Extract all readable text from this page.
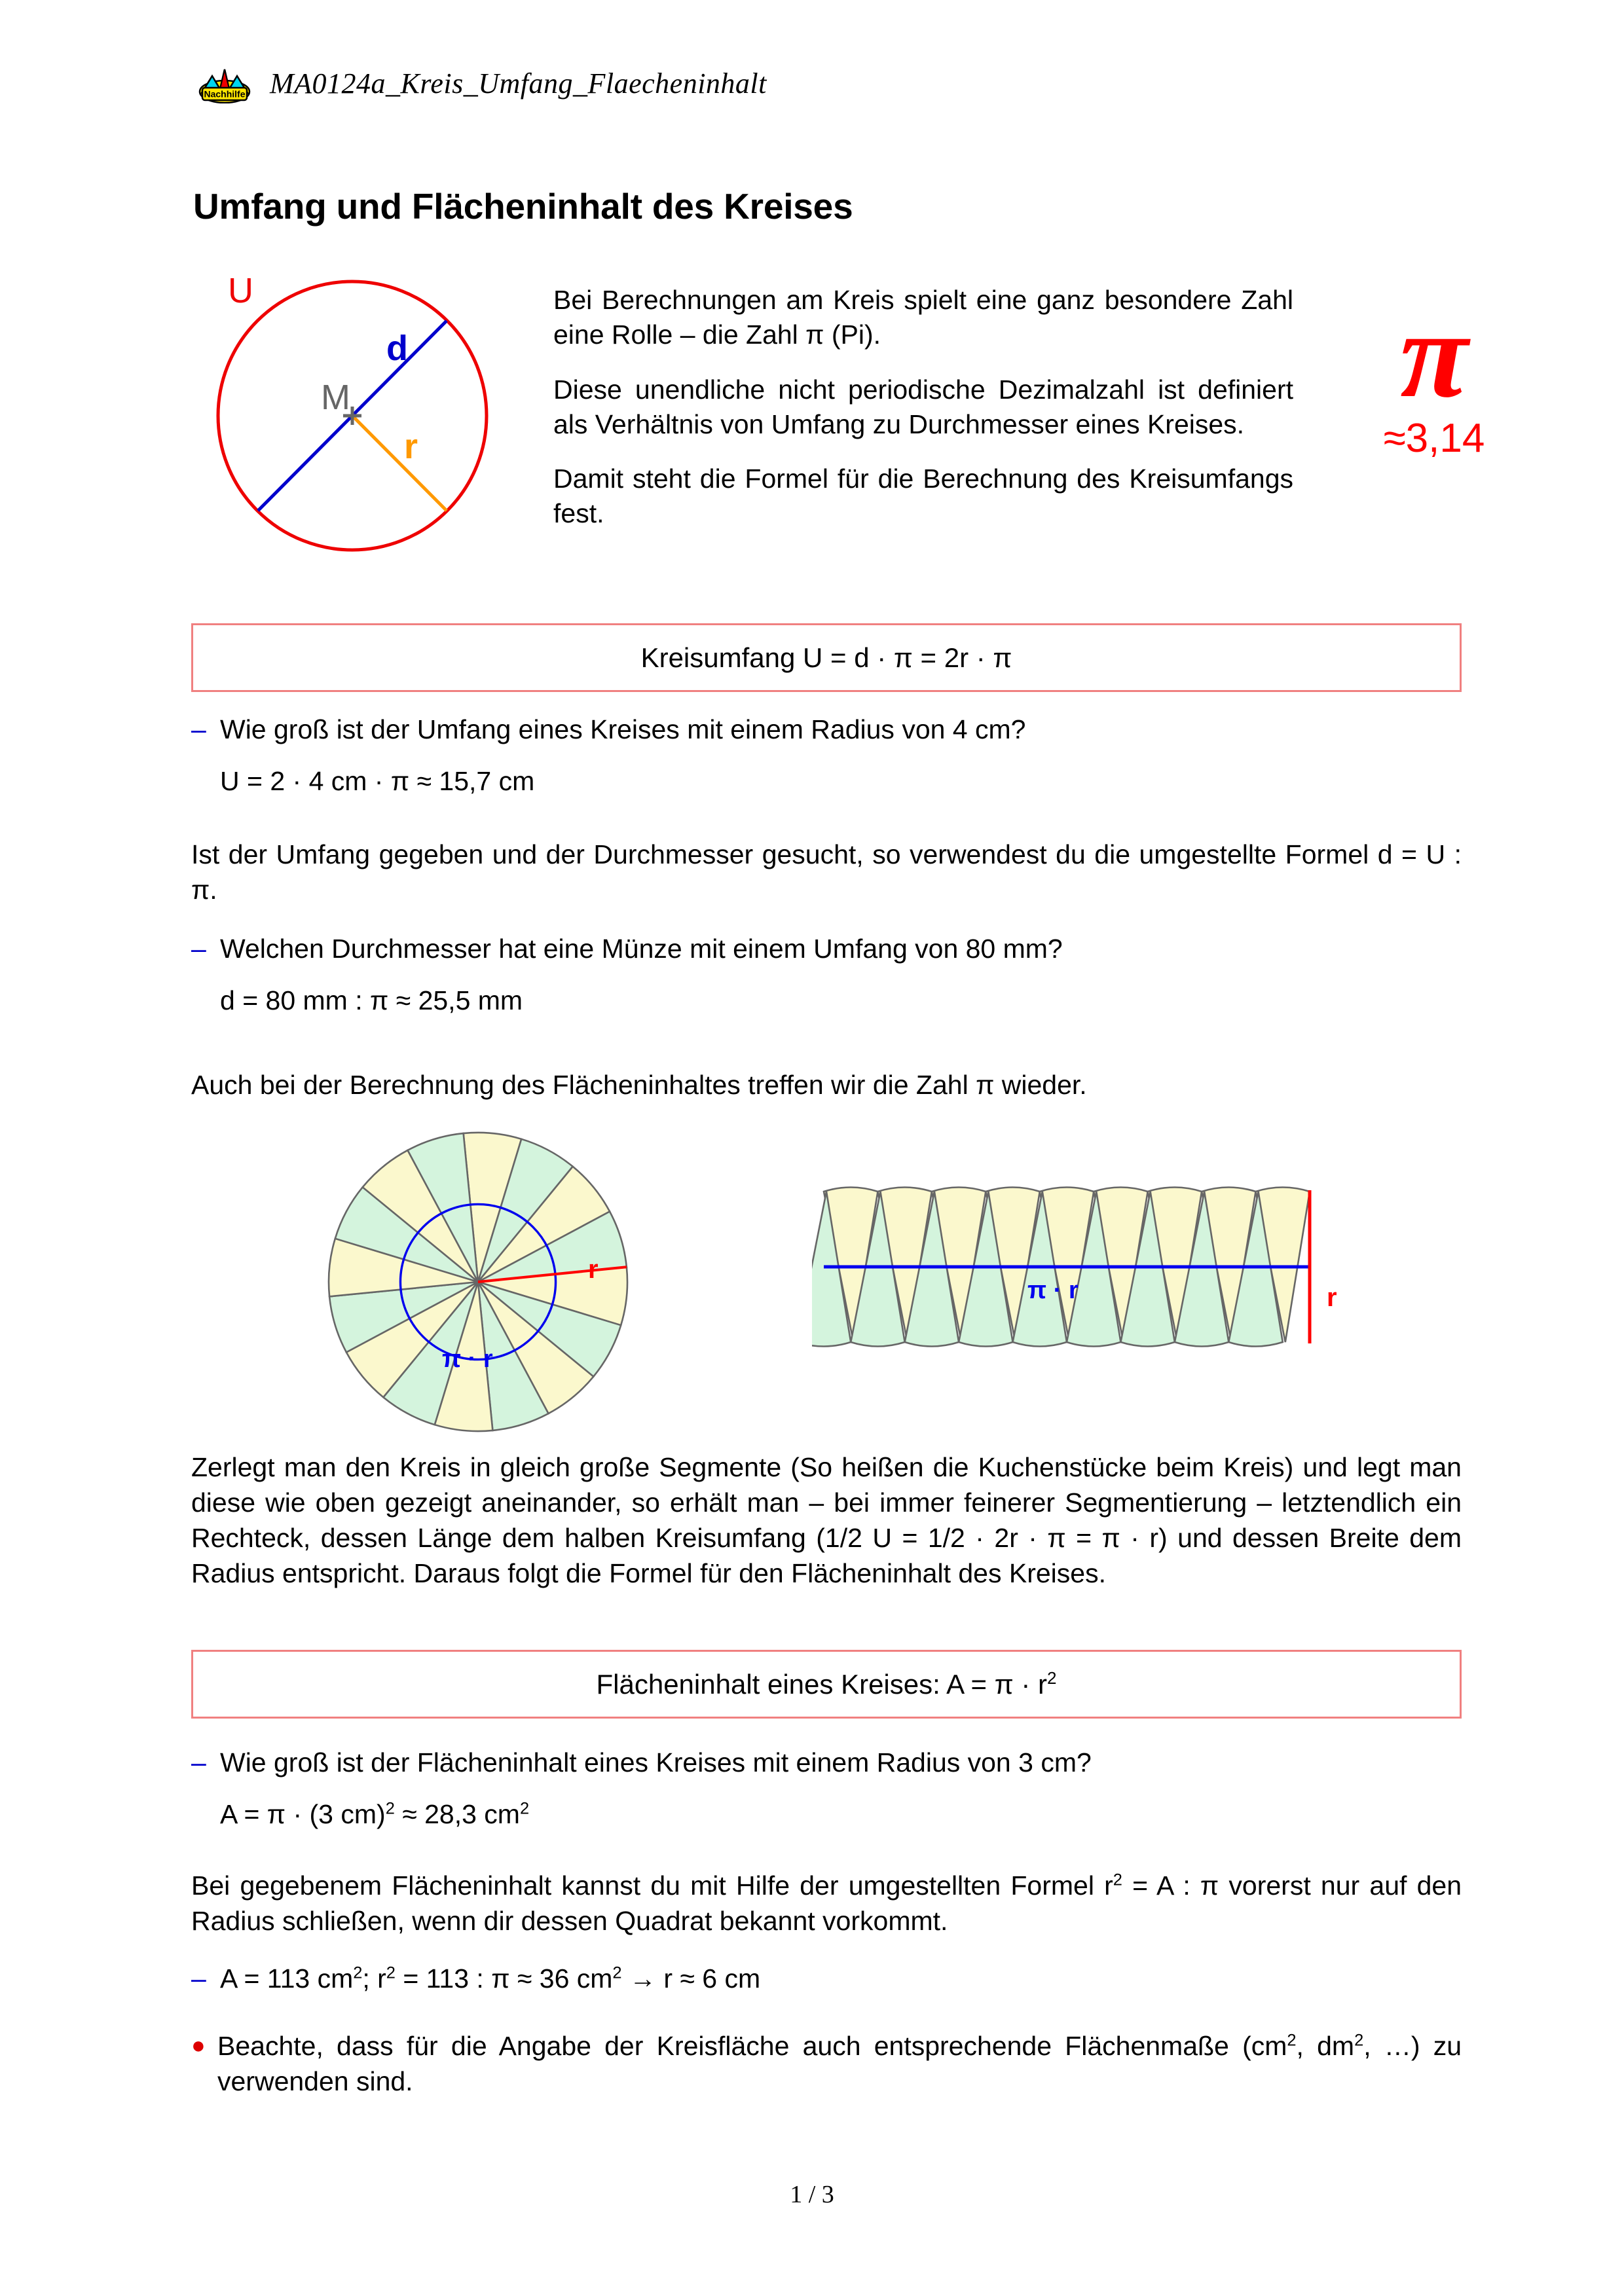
Nachhilfe MA0124a_Kreis_Umfang_Flaecheninhalt
Umfang und Flächeninhalt des Kreises
U
d
r
M

Bei Berechnungen am Kreis spielt eine ganz besondere Zahl eine Rolle – die Zahl π (Pi).

Diese unendliche nicht periodische Dezimalzahl ist definiert als Verhältnis von Umfang zu Durchmesser eines Kreises.

Damit steht die Formel für die Berechnung des Kreisumfangs fest.

π
≈3,14
Kreisumfang U = d · π = 2r · π
– Wie groß ist der Umfang eines Kreises mit einem Radius von 4 cm?
U = 2 · 4 cm · π ≈ 15,7 cm
Ist der Umfang gegeben und der Durchmesser gesucht, so verwendest du die umgestellte Formel d = U : π.
– Welchen Durchmesser hat eine Münze mit einem Umfang von 80 mm?
d = 80 mm : π ≈ 25,5 mm
Auch bei der Berechnung des Flächeninhaltes treffen wir die Zahl π wieder.
r
π · r
π · r	r
Zerlegt man den Kreis in gleich große Segmente (So heißen die Kuchenstücke beim Kreis) und legt man diese wie oben gezeigt aneinander, so erhält man – bei immer feinerer Segmentierung – letztendlich ein Rechteck, dessen Länge dem halben Kreisumfang (1/2 U = 1/2 · 2r · π = π · r) und dessen Breite dem Radius entspricht. Daraus folgt die Formel für den Flächeninhalt des Kreises.
Flächeninhalt eines Kreises: $A = \pi \cdot r^2$
– Wie groß ist der Flächeninhalt eines Kreises mit einem Radius von 3 cm?
A = π · (3 cm)$^2$ ≈ 28,3 $cm^2$
Bei gegebenem Flächeninhalt kannst du mit Hilfe der umgestellten Formel $r^2 = A$ : π vorerst nur auf den Radius schließen, wenn dir dessen Quadrat bekannt vorkommt.
– A = 113 $cm^2$; $r^2 = 113$ : π ≈ 36 $cm^2 \to r \approx 6$ cm
● Beachte, dass für die Angabe der Kreisfläche auch entsprechende Flächenmaße ($cm^2$, $dm^2$, …) zu verwenden sind.
1 / 3
